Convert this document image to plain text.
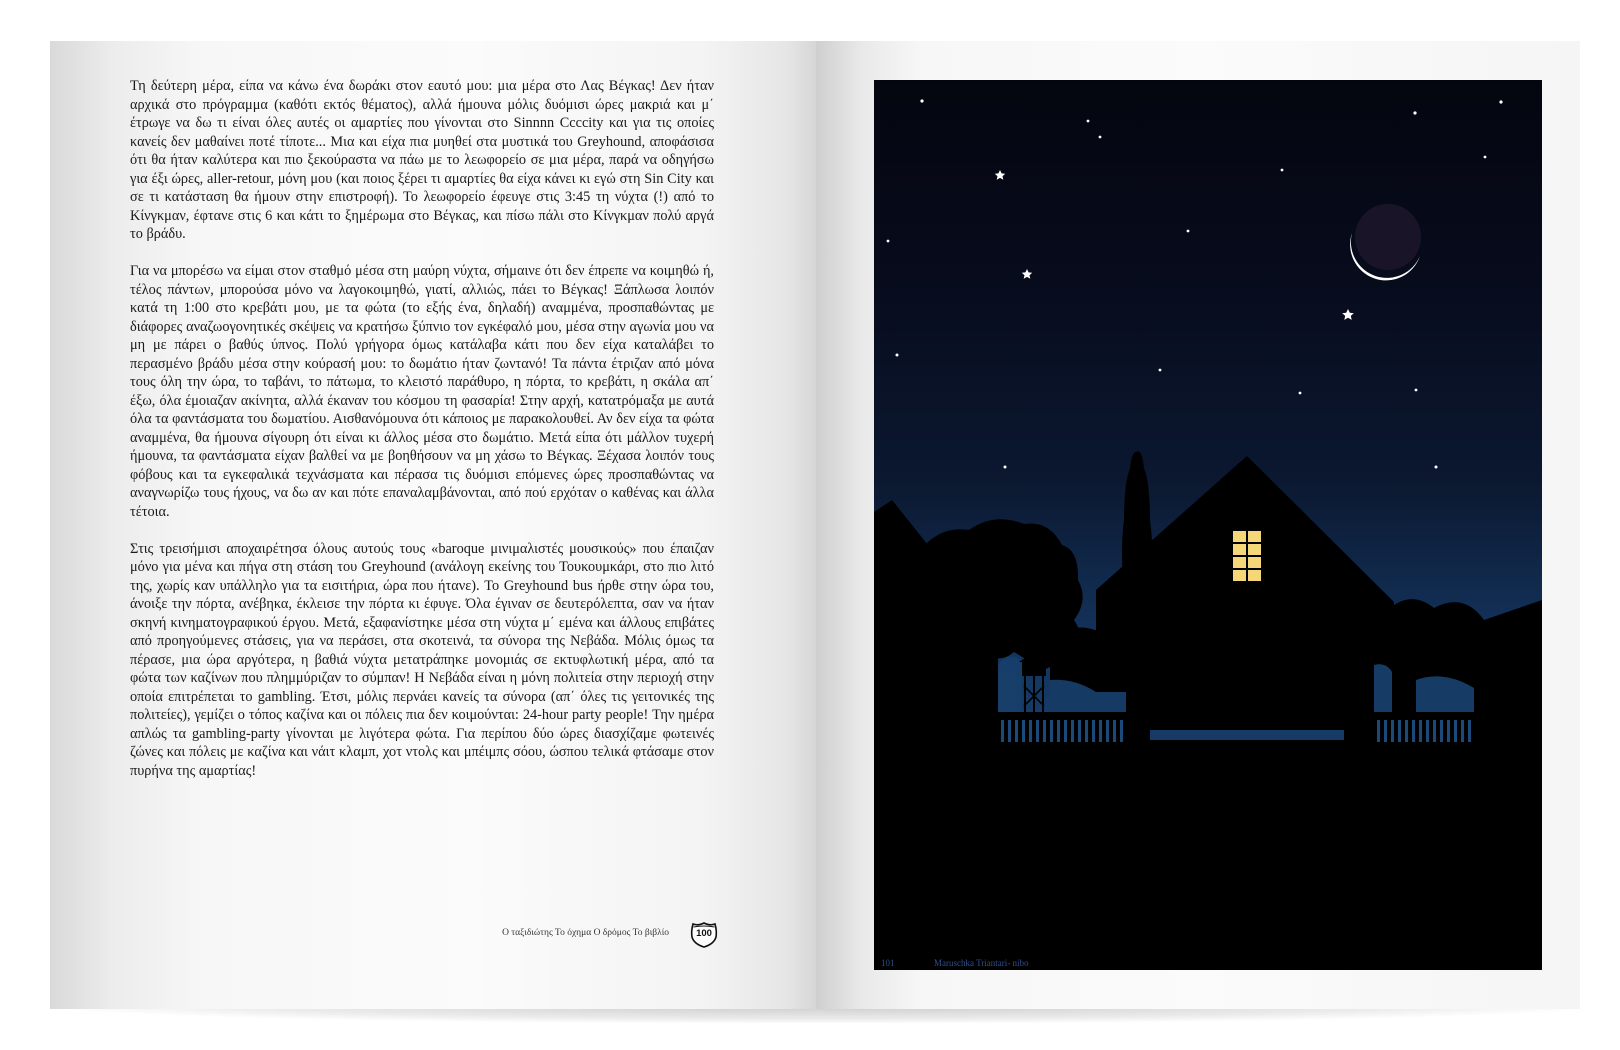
Τη δεύτερη μέρα, είπα να κάνω ένα δωράκι στον εαυτό μου: μια μέρα στο Λας Βέγκας! Δεν ήταν αρχικά στο πρόγραμμα (καθότι εκτός θέματος), αλλά ήμουνα μόλις δυόμισι ώρες μακριά και μ΄ έτρωγε να δω τι είναι όλες αυτές οι αμαρτίες που γίνονται στο Sinnnn Ccccity και για τις οποίες κανείς δεν μαθαίνει ποτέ τίποτε... Μια και είχα πια μυηθεί στα μυστικά του Greyhound, αποφάσισα ότι θα ήταν καλύτερα και πιο ξεκούραστα να πάω με το λεωφορείο σε μια μέρα, παρά να οδηγήσω για έξι ώρες, aller-retour, μόνη μου (και ποιος ξέρει τι αμαρτίες θα είχα κάνει κι εγώ στη Sin City και σε τι κατάσταση θα ήμουν στην επιστροφή). Το λεωφορείο έφευγε στις 3:45 τη νύχτα (!) από το Κίνγκμαν, έφτανε στις 6 και κάτι το ξημέρωμα στο Βέγκας, και πίσω πάλι στο Κίνγκμαν πολύ αργά το βράδυ.

Για να μπορέσω να είμαι στον σταθμό μέσα στη μαύρη νύχτα, σήμαινε ότι δεν έπρεπε να κοιμηθώ ή, τέλος πάντων, μπορούσα μόνο να λαγοκοιμηθώ, γιατί, αλλιώς, πάει το Βέγκας! Ξάπλωσα λοιπόν κατά τη 1:00 στο κρεβάτι μου, με τα φώτα (το εξής ένα, δηλαδή) αναμμένα, προσπαθώντας με διάφορες αναζωογονητικές σκέψεις να κρατήσω ξύπνιο τον εγκέφαλό μου, μέσα στην αγωνία μου να μη με πάρει ο βαθύς ύπνος. Πολύ γρήγορα όμως κατάλαβα κάτι που δεν είχα καταλάβει το περασμένο βράδυ μέσα στην κούρασή μου: το δωμάτιο ήταν ζωντανό! Τα πάντα έτριζαν από μόνα τους όλη την ώρα, το ταβάνι, το πάτωμα, το κλειστό παράθυρο, η πόρτα, το κρεβάτι, η σκάλα απ΄ έξω, όλα έμοιαζαν ακίνητα, αλλά έκαναν του κόσμου τη φασαρία! Στην αρχή, κατατρόμαξα με αυτά όλα τα φαντάσματα του δωματίου. Αισθανόμουνα ότι κάποιος με παρακολουθεί. Αν δεν είχα τα φώτα αναμμένα, θα ήμουνα σίγουρη ότι είναι κι άλλος μέσα στο δωμάτιο. Μετά είπα ότι μάλλον τυχερή ήμουνα, τα φαντάσματα είχαν βαλθεί να με βοηθήσουν να μη χάσω το Βέγκας. Ξέχασα λοιπόν τους φόβους και τα εγκεφαλικά τεχνάσματα και πέρασα τις δυόμισι επόμενες ώρες προσπαθώντας να αναγνωρίζω τους ήχους, να δω αν και πότε επαναλαμβάνονται, από πού ερχόταν ο καθένας και άλλα τέτοια.

Στις τρεισήμισι αποχαιρέτησα όλους αυτούς τους «baroque μινιμαλιστές μουσικούς» που έπαιζαν μόνο για μένα και πήγα στη στάση του Greyhound (ανάλογη εκείνης του Τουκουμκάρι, στο πιο λιτό της, χωρίς καν υπάλληλο για τα εισιτήρια, ώρα που ήτανε). Το Greyhound bus ήρθε στην ώρα του, άνοιξε την πόρτα, ανέβηκα, έκλεισε την πόρτα κι έφυγε. Όλα έγιναν σε δευτερόλεπτα, σαν να ήταν σκηνή κινηματογραφικού έργου. Μετά, εξαφανίστηκε μέσα στη νύχτα μ΄ εμένα και άλλους επιβάτες από προηγούμενες στάσεις, για να περάσει, στα σκοτεινά, τα σύνορα της Νεβάδα. Μόλις όμως τα πέρασε, μια ώρα αργότερα, η βαθιά νύχτα μετατράπηκε μονομιάς σε εκτυφλωτική μέρα, από τα φώτα των καζίνων που πλημμύριζαν το σύμπαν! Η Νεβάδα είναι η μόνη πολιτεία στην περιοχή στην οποία επιτρέπεται το gambling. Έτσι, μόλις περνάει κανείς τα σύνορα (απ΄ όλες τις γειτονικές της πολιτείες), γεμίζει ο τόπος καζίνα και οι πόλεις πια δεν κοιμούνται: 24-hour party people! Την ημέρα απλώς τα gambling-party γίνονται με λιγότερα φώτα. Για περίπου δύο ώρες διασχίζαμε φωτεινές ζώνες και πόλεις με καζίνα και νάιτ κλαμπ, χοτ ντολς και μπέιμπς σόου, ώσπου τελικά φτάσαμε στον πυρήνα της αμαρτίας!

Ο ταξιδιώτης Το όχημα Ο δρόμος Το βιβλίο	100
101	Maruschka Triantari- nibo
